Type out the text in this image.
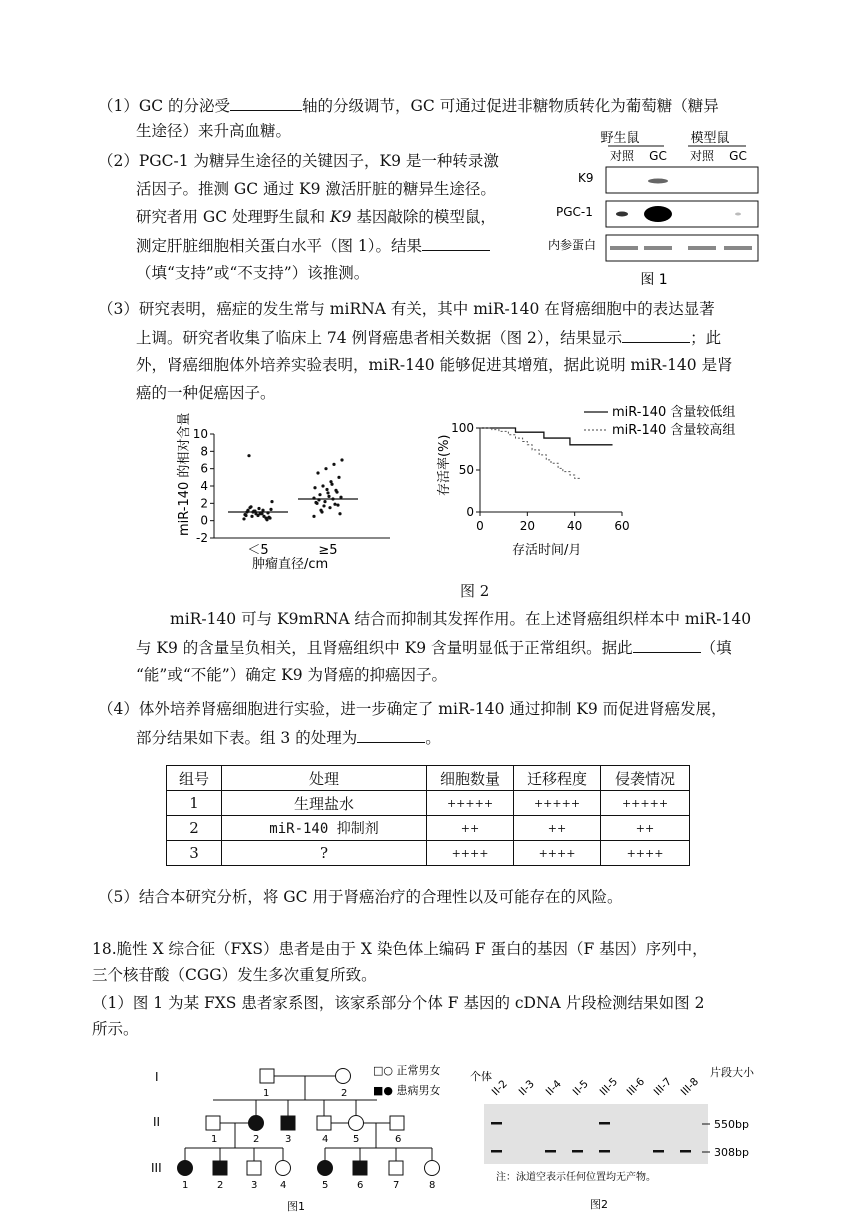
（1）GC 的分泌受	轴的分级调节，GC 可通过促进非糖物质转化为葡萄糖（糖异
生途径）来升高血糖。
（2）PGC-1 为糖异生途径的关键因子，K9 是一种转录激
活因子。推测 GC 通过 K9 激活肝脏的糖异生途径。
研究者用 GC 处理野生鼠和 K9 基因敲除的模型鼠，
测定肝脏细胞相关蛋白水平（图 1）。结果
（填“支持”或“不支持”）该推测。
野生鼠	模型鼠
对照 GC 对照 GC
K9
PGC-1
内参蛋白
图 1
（3）研究表明，癌症的发生常与 miRNA 有关，其中 miR-140 在肾癌细胞中的表达显著
上调。研究者收集了临床上 74 例肾癌患者相关数据（图 2），结果显示	；此
外，肾癌细胞体外培养实验表明，miR-140 能够促进其增殖，据此说明 miR-140 是肾
癌的一种促癌因子。
miR-140 的相对含量 10
8
6
4
2
0
-2
＜5	≥5
肿瘤直径/cm
存活率(%)
100
50
0
0	20	40	60
miR-140 含量较低组
miR-140 含量较高组
存活时间/月
图 2
miR-140 可与 K9mRNA 结合而抑制其发挥作用。在上述肾癌组织样本中 miR-140
与 K9 的含量呈负相关，且肾癌组织中 K9 含量明显低于正常组织。据此	（填
“能”或“不能”）确定 K9 为肾癌的抑癌因子。
（4）体外培养肾癌细胞进行实验，进一步确定了 miR-140 通过抑制 K9 而促进肾癌发展，
部分结果如下表。组 3 的处理为	。
组号	处理	细胞数量	迁移程度	侵袭情况
1	生理盐水	+++++	+++++	+++++
2	miR-140 抑制剂	++	++	++
3	?	++++	++++	++++
（5）结合本研究分析，将 GC 用于肾癌治疗的合理性以及可能存在的风险。
18.脆性 X 综合征（FXS）患者是由于 X 染色体上编码 F 蛋白的基因（F 基因）序列中，
三个核苷酸（CGG）发生多次重复所致。
（1）图 1 为某 FXS 患者家系图，该家系部分个体 F 基因的 cDNA 片段检测结果如图 2
所示。
I
II
III
1	2
1	2	3	4 5	6
1	2	3 4	5	6	7	8
□○ 正常男女
■● 患病男女
图1
个体
II-2 II-3 II-4 II-5 III-5 III-6 III-7 III-8
片段大小
550bp
308bp
注：泳道空表示任何位置均无产物。
图2
